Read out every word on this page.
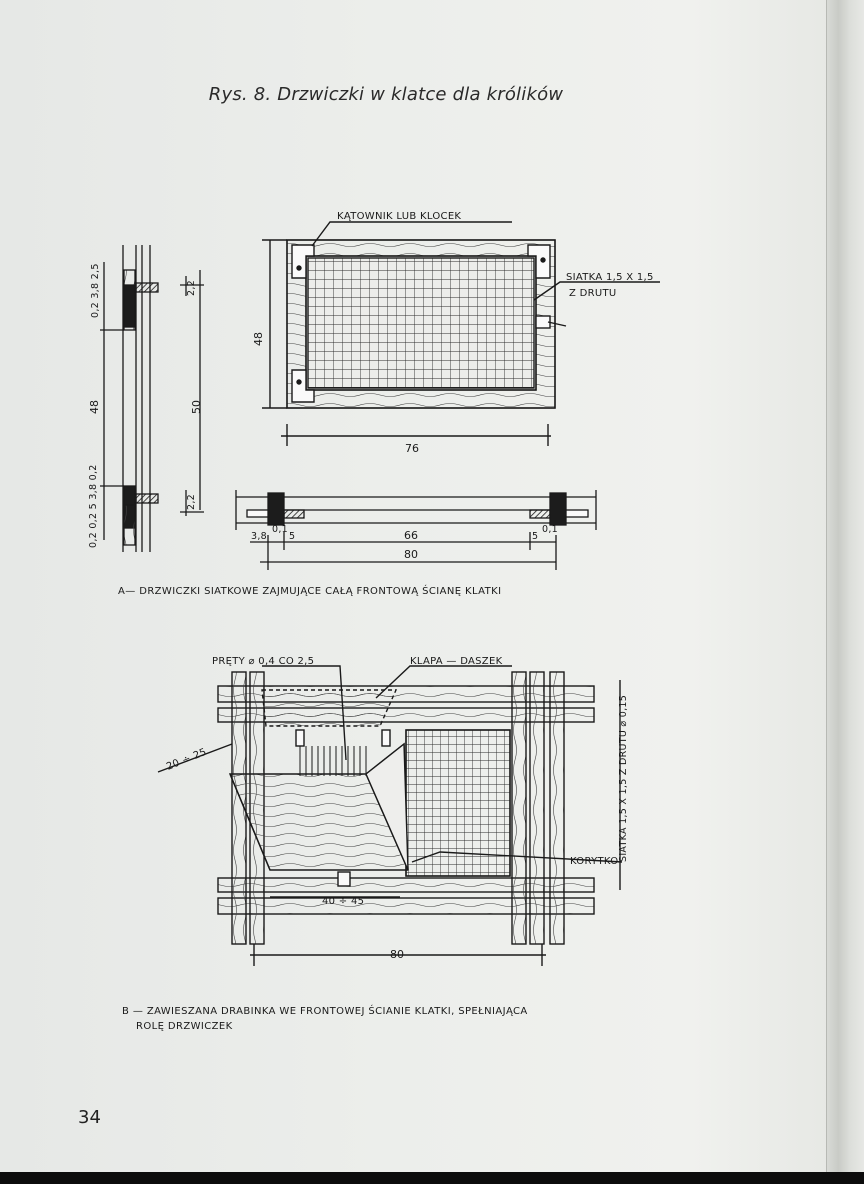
Rys. 8. Drzwiczki w klatce dla królików
48	50
0,2 3,8 2,5
0,2 0,2 5 3,8 0,2
2,2
2,2
48
76
KĄTOWNIK LUB KLOCEK
SIATKA 1,5 X 1,5
Z DRUTU
3,8
0,1
5	66	5
0,1
80
A— DRZWICZKI SIATKOWE ZAJMUJĄCE CAŁĄ FRONTOWĄ ŚCIANĘ KLATKI
PRĘTY ⌀ 0,4 CO 2,5	KLAPA — DASZEK
KORYTKO SIATKA 1,5 X 1,5 Z DRUTU ⌀ 0,15
20 ÷ 25
40 ÷ 45
80
B — ZAWIESZANA DRABINKA WE FRONTOWEJ ŚCIANIE KLATKI, SPEŁNIAJĄCA
ROLĘ DRZWICZEK
34
